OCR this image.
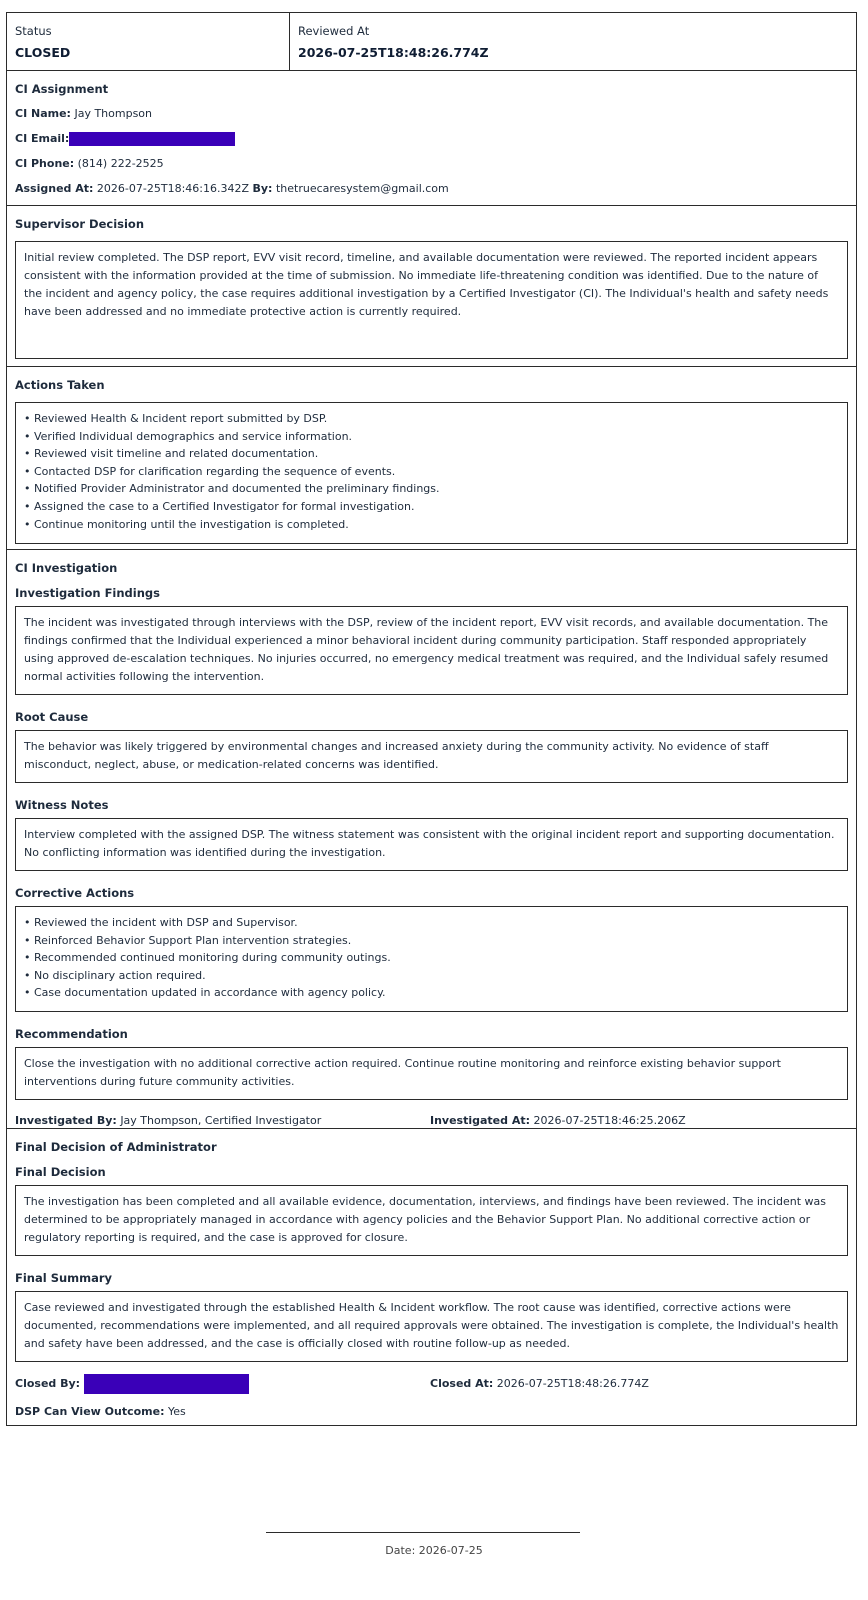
Status
CLOSED
Reviewed At
2026-07-25T18:48:26.774Z
CI Assignment
CI Name: Jay Thompson
CI Email:
CI Phone: (814) 222-2525
Assigned At: 2026-07-25T18:46:16.342Z By: thetruecaresystem@gmail.com
Supervisor Decision
Initial review completed. The DSP report, EVV visit record, timeline, and available documentation were reviewed. The reported incident appears consistent with the information provided at the time of submission. No immediate life-threatening condition was identified. Due to the nature of the incident and agency policy, the case requires additional investigation by a Certified Investigator (CI). The Individual's health and safety needs have been addressed and no immediate protective action is currently required.
Actions Taken
• Reviewed Health & Incident report submitted by DSP.
• Verified Individual demographics and service information.
• Reviewed visit timeline and related documentation.
• Contacted DSP for clarification regarding the sequence of events.
• Notified Provider Administrator and documented the preliminary findings.
• Assigned the case to a Certified Investigator for formal investigation.
• Continue monitoring until the investigation is completed.
CI Investigation
Investigation Findings
The incident was investigated through interviews with the DSP, review of the incident report, EVV visit records, and available documentation. The findings confirmed that the Individual experienced a minor behavioral incident during community participation. Staff responded appropriately using approved de-escalation techniques. No injuries occurred, no emergency medical treatment was required, and the Individual safely resumed normal activities following the intervention.
Root Cause
The behavior was likely triggered by environmental changes and increased anxiety during the community activity. No evidence of staff misconduct, neglect, abuse, or medication-related concerns was identified.
Witness Notes
Interview completed with the assigned DSP. The witness statement was consistent with the original incident report and supporting documentation. No conflicting information was identified during the investigation.
Corrective Actions
• Reviewed the incident with DSP and Supervisor.
• Reinforced Behavior Support Plan intervention strategies.
• Recommended continued monitoring during community outings.
• No disciplinary action required.
• Case documentation updated in accordance with agency policy.
Recommendation
Close the investigation with no additional corrective action required. Continue routine monitoring and reinforce existing behavior support interventions during future community activities.
Investigated By: Jay Thompson, Certified Investigator	Investigated At: 2026-07-25T18:46:25.206Z
Final Decision of Administrator
Final Decision
The investigation has been completed and all available evidence, documentation, interviews, and findings have been reviewed. The incident was determined to be appropriately managed in accordance with agency policies and the Behavior Support Plan. No additional corrective action or regulatory reporting is required, and the case is approved for closure.
Final Summary
Case reviewed and investigated through the established Health & Incident workflow. The root cause was identified, corrective actions were documented, recommendations were implemented, and all required approvals were obtained. The investigation is complete, the Individual's health and safety have been addressed, and the case is officially closed with routine follow-up as needed.
Closed By:	Closed At: 2026-07-25T18:48:26.774Z
DSP Can View Outcome: Yes
Date: 2026-07-25
